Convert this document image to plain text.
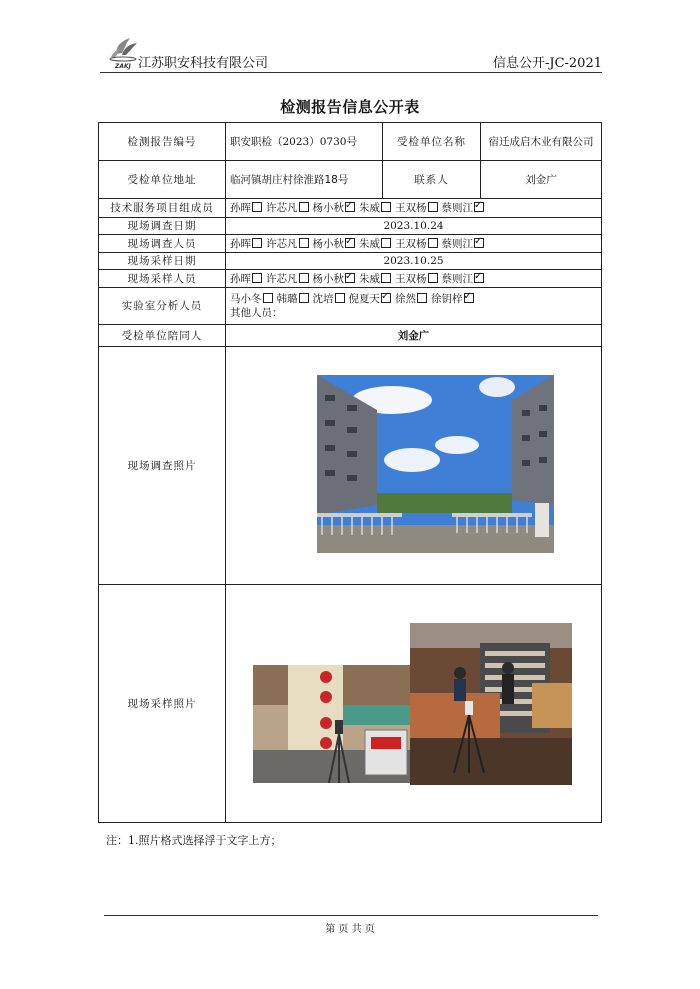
ZAKJ 江苏职安科技有限公司	信息公开-JC-2021
检测报告信息公开表
检测报告编号	职安职检（2023）0730号	受检单位名称	宿迁成启木业有限公司
受检单位地址	临河镇胡庄村徐淮路18号	联系人	刘金广
技术服务项目组成员	孙晖 许芯凡 杨小秋 ✓ 朱威 王双杨 蔡则江✓
现场调查日期	2023.10.24		
现场调查人员	孙晖 许芯凡 杨小秋 ✓ 朱威 王双杨 蔡则江✓
现场采样日期	2023.10.25		
现场采样人员	孙晖 许芯凡 杨小秋 ✓ 朱威 王双杨 蔡则江✓
实验室分析人员	马小冬 韩璐 沈培 倪夏天 ✓ 徐然 徐钥梓✓
其他人员：

受检单位陪同人	刘金广		
现场调查照片	

现场采样照片	
注：1.照片格式选择浮于文字上方；
第 页 共 页
